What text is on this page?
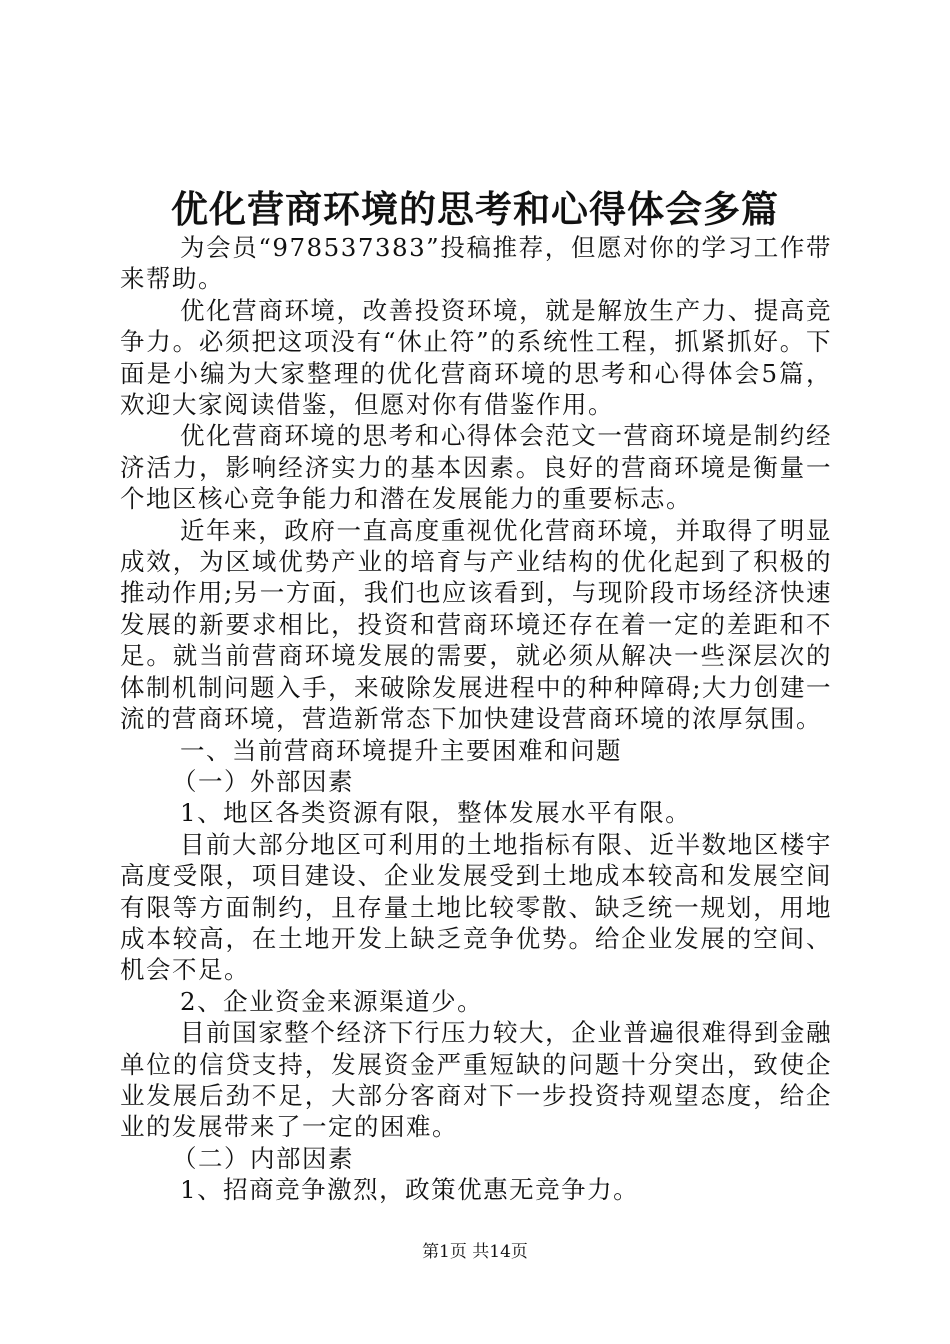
优化营商环境的思考和心得体会多篇

为会员“978537383”投稿推荐，但愿对你的学习工作带来帮助。

优化营商环境，改善投资环境，就是解放生产力、提高竞争力。必须把这项没有“休止符”的系统性工程，抓紧抓好。下面是小编为大家整理的优化营商环境的思考和心得体会5篇，欢迎大家阅读借鉴，但愿对你有借鉴作用。

优化营商环境的思考和心得体会范文一营商环境是制约经济活力，影响经济实力的基本因素。良好的营商环境是衡量一个地区核心竞争能力和潜在发展能力的重要标志。

近年来，政府一直高度重视优化营商环境，并取得了明显成效，为区域优势产业的培育与产业结构的优化起到了积极的推动作用;另一方面，我们也应该看到，与现阶段市场经济快速发展的新要求相比，投资和营商环境还存在着一定的差距和不足。就当前营商环境发展的需要，就必须从解决一些深层次的体制机制问题入手，来破除发展进程中的种种障碍;大力创建一流的营商环境，营造新常态下加快建设营商环境的浓厚氛围。

一、当前营商环境提升主要困难和问题

（一）外部因素

1、地区各类资源有限，整体发展水平有限。

目前大部分地区可利用的土地指标有限、近半数地区楼宇高度受限，项目建设、企业发展受到土地成本较高和发展空间有限等方面制约，且存量土地比较零散、缺乏统一规划，用地成本较高，在土地开发上缺乏竞争优势。给企业发展的空间、机会不足。

2、企业资金来源渠道少。

目前国家整个经济下行压力较大，企业普遍很难得到金融单位的信贷支持，发展资金严重短缺的问题十分突出，致使企业发展后劲不足，大部分客商对下一步投资持观望态度，给企业的发展带来了一定的困难。

（二）内部因素

1、招商竞争激烈，政策优惠无竞争力。

第1页 共14页
